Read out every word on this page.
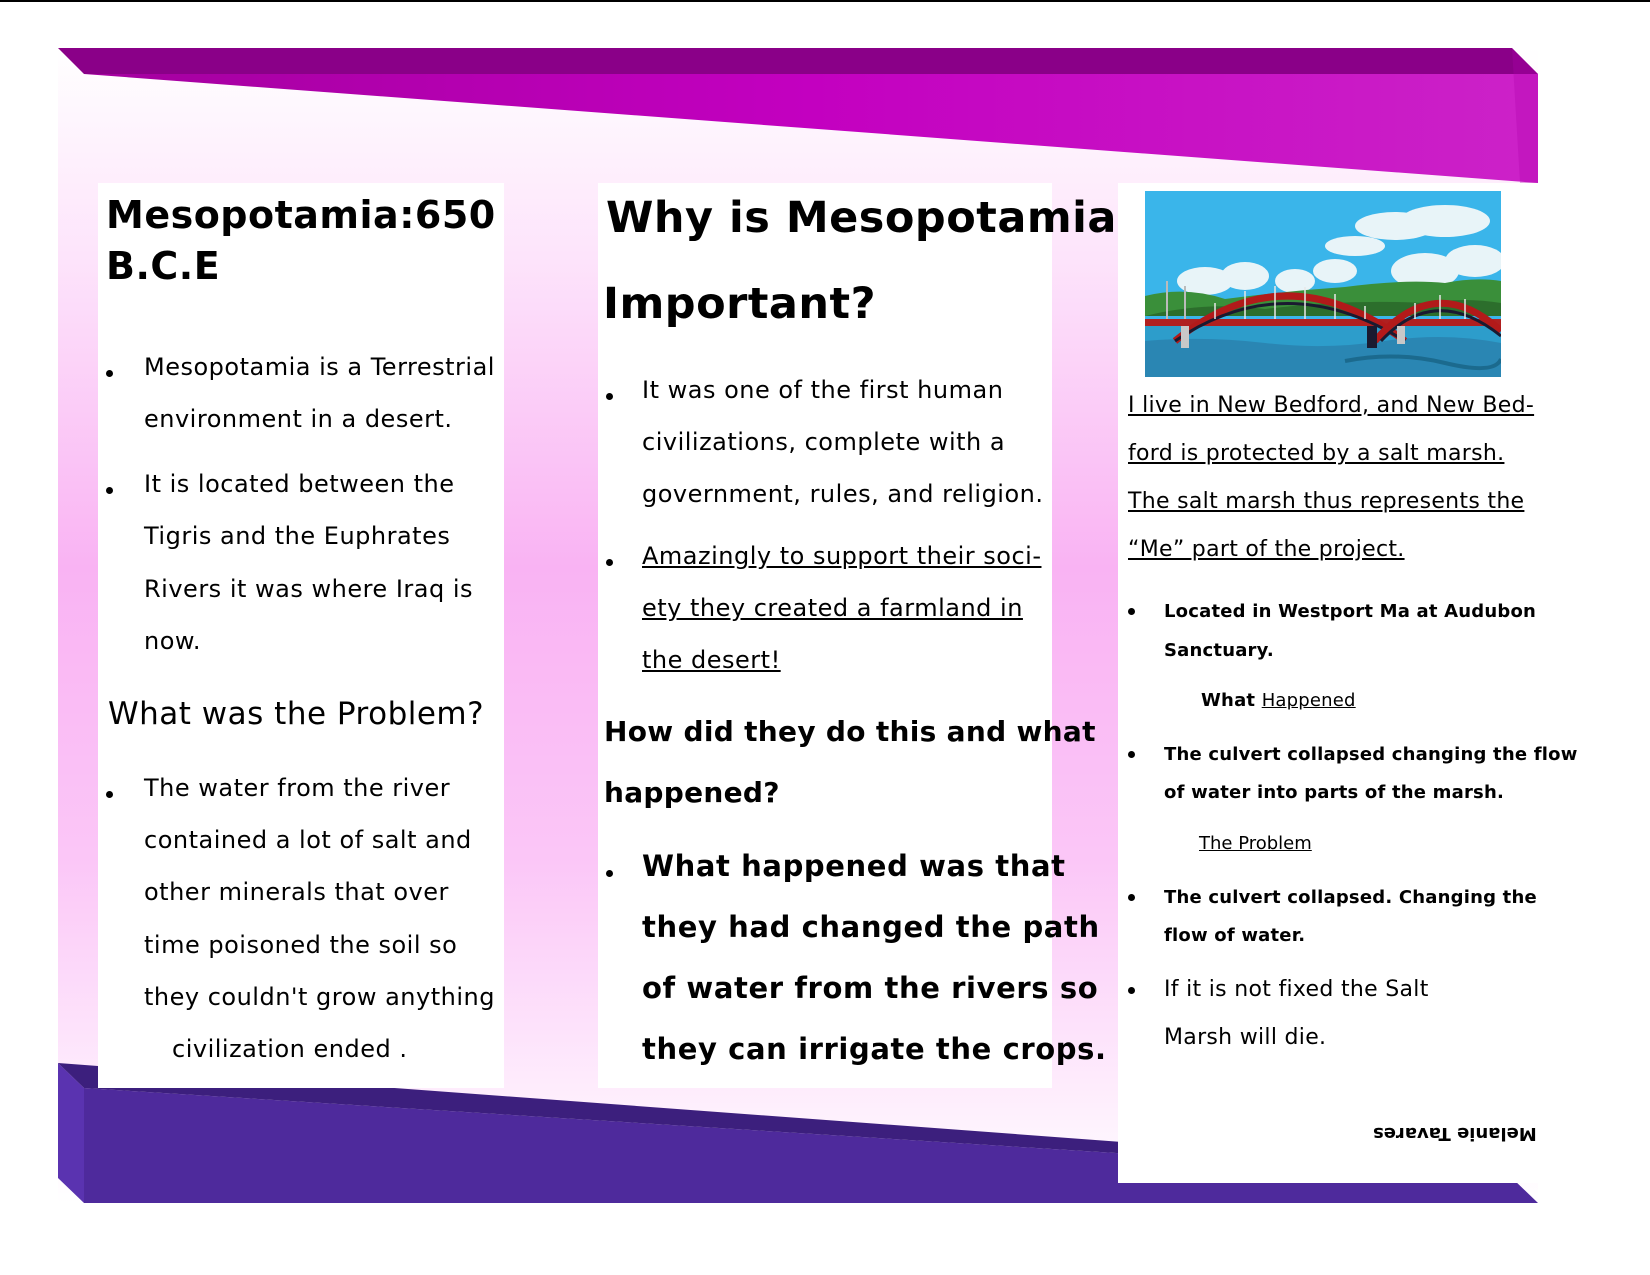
Mesopotamia:650

B.C.E

Mesopotamia is a Terrestrial

environment in a desert.

It is located between the

Tigris and the Euphrates

Rivers it was where Iraq is

now.

What was the Problem?

The water from the river

contained a lot of salt and

other minerals that over

time poisoned the soil so

they couldn't grow anything

civilization ended .

Why is Mesopotamia

Important?

It was one of the first human

civilizations, complete with a

government, rules, and religion.

Amazingly to support their soci-

ety they created a farmland in

the desert!

How did they do this and what

happened?

What happened was that

they had changed the path

of water from the rivers so

they can irrigate the crops.

I live in New Bedford, and New Bed-

ford is protected by a salt marsh.

The salt marsh thus represents the

“Me” part of the project.

Located in Westport Ma at Audubon

Sanctuary.

What Happened

The culvert collapsed changing the flow

of water into parts of the marsh.

The Problem

The culvert collapsed. Changing the

flow of water.

If it is not fixed the Salt

Marsh will die.

Melanie Tavares
